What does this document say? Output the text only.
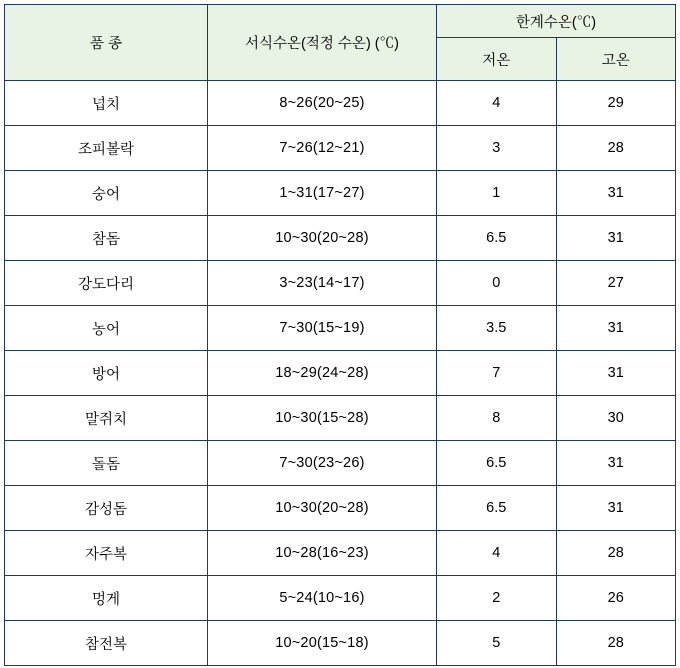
품 종	서식수온(적정 수온) (℃)	한계수온(℃)	
		저온	고온
넙치	8~26(20~25)	4	29
조피볼락	7~26(12~21)	3	28
숭어	1~31(17~27)	1	31
참돔	10~30(20~28)	6.5	31
강도다리	3~23(14~17)	0	27
농어	7~30(15~19)	3.5	31
방어	18~29(24~28)	7	31
말쥐치	10~30(15~28)	8	30
돌돔	7~30(23~26)	6.5	31
감성돔	10~30(20~28)	6.5	31
자주복	10~28(16~23)	4	28
멍게	5~24(10~16)	2	26
참전복	10~20(15~18)	5	28
